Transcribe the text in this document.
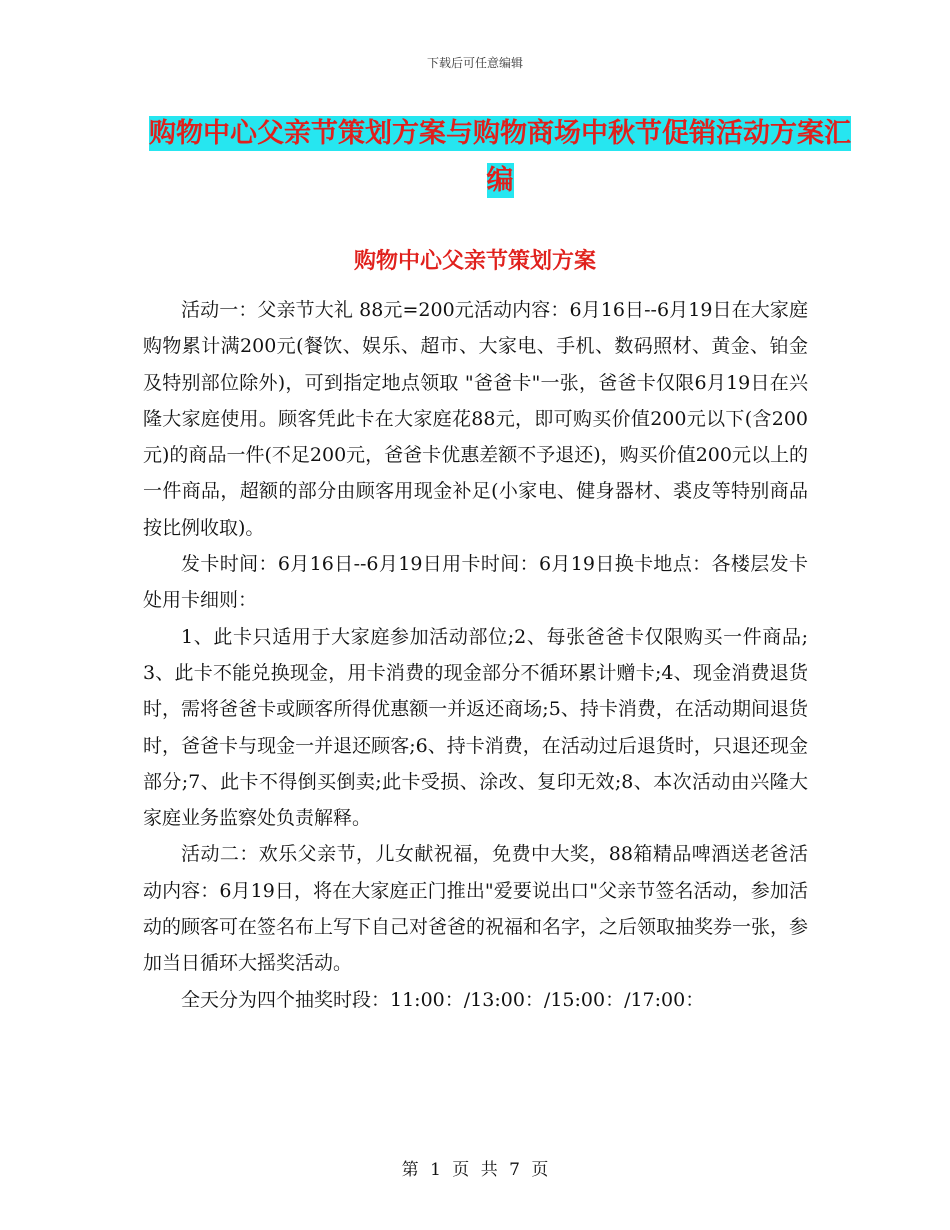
下载后可任意编辑
购物中心父亲节策划方案与购物商场中秋节促销活动方案汇编
购物中心父亲节策划方案

活动一：父亲节大礼 88元=200元活动内容：6月16日--6月19日在大家庭购物累计满200元(餐饮、娱乐、超市、大家电、手机、数码照材、黄金、铂金及特别部位除外)，可到指定地点领取 "爸爸卡"一张，爸爸卡仅限6月19日在兴隆大家庭使用。顾客凭此卡在大家庭花88元，即可购买价值200元以下(含200元)的商品一件(不足200元，爸爸卡优惠差额不予退还)，购买价值200元以上的一件商品，超额的部分由顾客用现金补足(小家电、健身器材、裘皮等特别商品按比例收取)。

发卡时间：6月16日--6月19日用卡时间：6月19日换卡地点：各楼层发卡处用卡细则：

1、此卡只适用于大家庭参加活动部位;2、每张爸爸卡仅限购买一件商品;3、此卡不能兑换现金，用卡消费的现金部分不循环累计赠卡;4、现金消费退货时，需将爸爸卡或顾客所得优惠额一并返还商场;5、持卡消费，在活动期间退货时，爸爸卡与现金一并退还顾客;6、持卡消费，在活动过后退货时，只退还现金部分;7、此卡不得倒买倒卖;此卡受损、涂改、复印无效;8、本次活动由兴隆大家庭业务监察处负责解释。

活动二：欢乐父亲节，儿女献祝福，免费中大奖，88箱精品啤酒送老爸活动内容：6月19日，将在大家庭正门推出"爱要说出口"父亲节签名活动，参加活动的顾客可在签名布上写下自己对爸爸的祝福和名字，之后领取抽奖券一张，参加当日循环大摇奖活动。

全天分为四个抽奖时段：11:00：/13:00：/15:00：/17:00：

第 1 页 共 7 页
